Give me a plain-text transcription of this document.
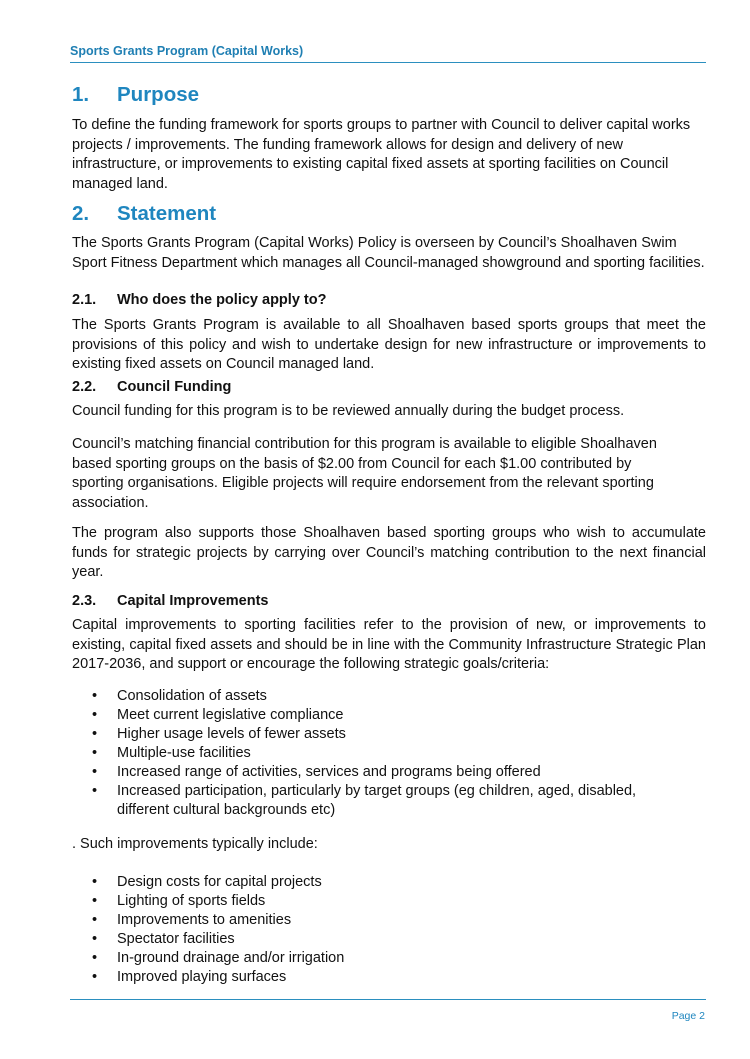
Sports Grants Program (Capital Works)
1. Purpose

To define the funding framework for sports groups to partner with Council to deliver capital works projects / improvements. The funding framework allows for design and delivery of new infrastructure, or improvements to existing capital fixed assets at sporting facilities on Council managed land.

2. Statement

The Sports Grants Program (Capital Works) Policy is overseen by Council’s Shoalhaven Swim Sport Fitness Department which manages all Council-managed showground and sporting facilities.

2.1. Who does the policy apply to?

The Sports Grants Program is available to all Shoalhaven based sports groups that meet the provisions of this policy and wish to undertake design for new infrastructure or improvements to existing fixed assets on Council managed land.

2.2. Council Funding

Council funding for this program is to be reviewed annually during the budget process.

Council’s matching financial contribution for this program is available to eligible Shoalhaven based sporting groups on the basis of $2.00 from Council for each $1.00 contributed by sporting organisations. Eligible projects will require endorsement from the relevant sporting association.

The program also supports those Shoalhaven based sporting groups who wish to accumulate funds for strategic projects by carrying over Council’s matching contribution to the next financial year.

2.3. Capital Improvements

Capital improvements to sporting facilities refer to the provision of new, or improvements to existing, capital fixed assets and should be in line with the Community Infrastructure Strategic Plan 2017-2036, and support or encourage the following strategic goals/criteria:

• Consolidation of assets
• Meet current legislative compliance
• Higher usage levels of fewer assets
• Multiple-use facilities
• Increased range of activities, services and programs being offered
• Increased participation, particularly by target groups (eg children, aged, disabled, different cultural backgrounds etc)

. Such improvements typically include:

• Design costs for capital projects
• Lighting of sports fields
• Improvements to amenities
• Spectator facilities
• In-ground drainage and/or irrigation
• Improved playing surfaces
Page 2
